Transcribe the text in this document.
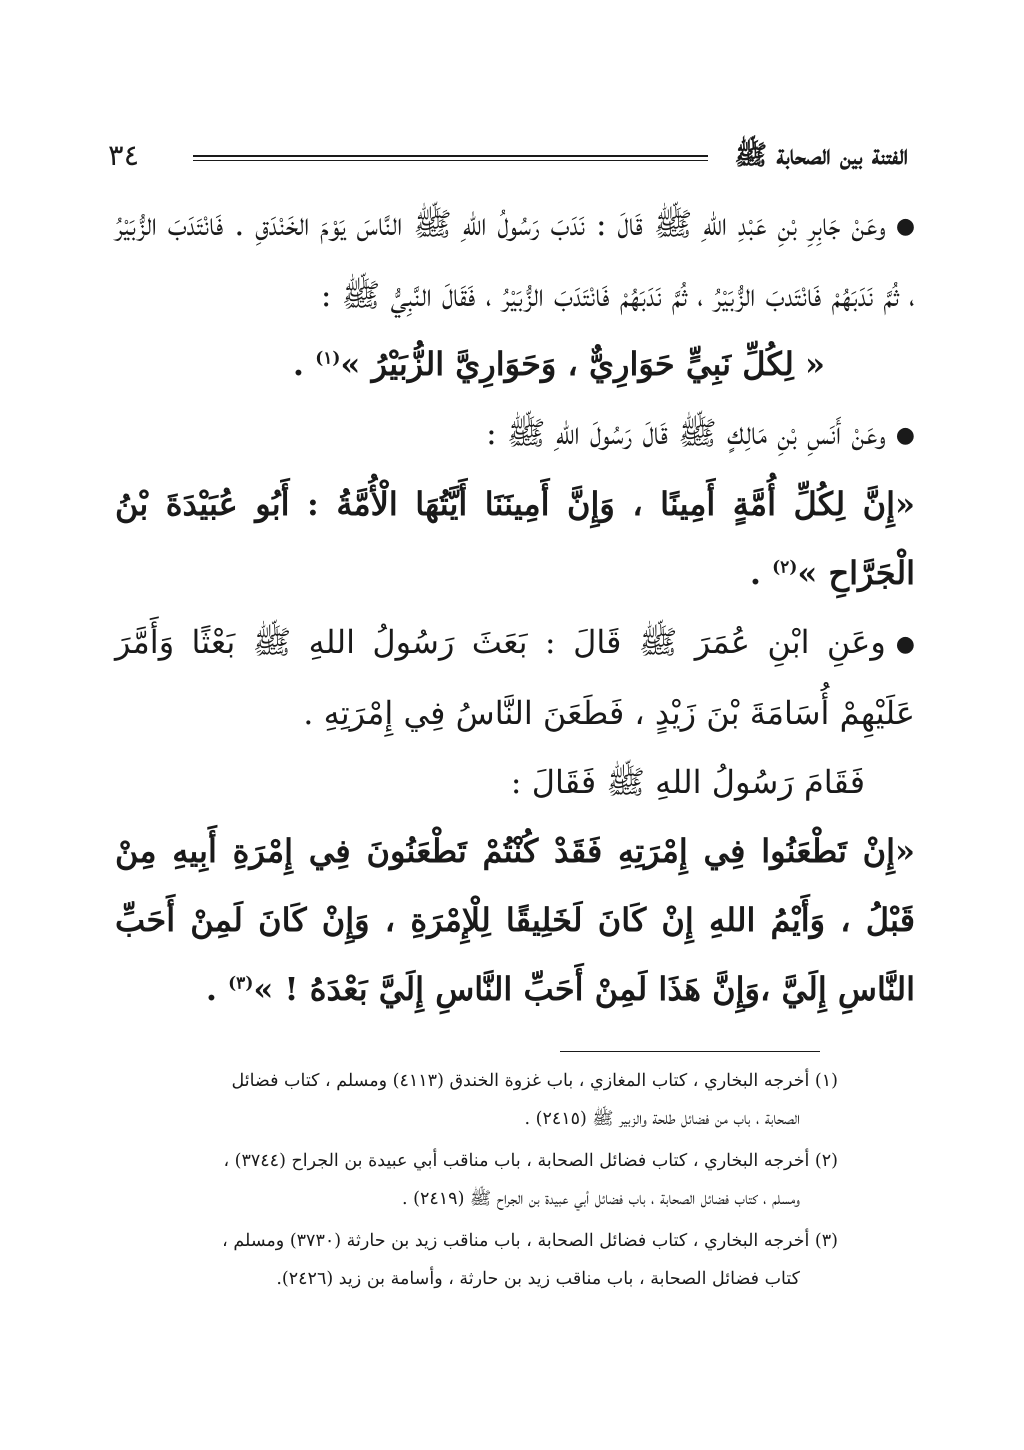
الفتنة بين الصحابة ﷺ
٣٤

●وعَنْ جَابِرِ بْنِ عَبْدِ اللهِ ﷺ قَالَ : نَدَبَ رَسُولُ اللهِ ﷺ النَّاسَ يَوْمَ الخَنْدَقِ . فَانْتَدَبَ الزُّبَيْرُ ، ثُمَّ نَدَبَهُمْ فَانْتَدبَ الزُّبَيْرُ ، ثُمَّ نَدَبَهُمْ فَانْتَدَبَ الزُّبَيْرُ ، فَقَالَ النَّبِيُّ ﷺ :

« لِكُلِّ نَبِيٍّ حَوَارِيٌّ ، وَحَوَارِيَّ الزُّبَيْرُ »$^{(١)}$ .

●وعَنْ أَنَسِ بْنِ مَالِكٍ ﷺ قَالَ رَسُولَ اللهِ ﷺ :

«إِنَّ لِكُلِّ أُمَّةٍ أَمِينًا ، وَإِنَّ أَمِينَنَا أَيَّتُهَا الْأُمَّةُ : أَبُو عُبَيْدَةَ بْنُ الْجَرَّاحِ »$^{(٢)}$ .

●وعَنِ ابْنِ عُمَرَ ﷺ قَالَ : بَعَثَ رَسُولُ اللهِ ﷺ بَعْثًا وَأَمَّرَ عَلَيْهِمْ أُسَامَةَ بْنَ زَيْدٍ ، فَطَعَنَ النَّاسُ فِي إِمْرَتِهِ .

فَقَامَ رَسُولُ اللهِ ﷺ فَقَالَ :

«إِنْ تَطْعَنُوا فِي إِمْرَتِهِ فَقَدْ كُنْتُمْ تَطْعَنُونَ فِي إِمْرَةِ أَبِيهِ مِنْ قَبْلُ ، وَأَيْمُ اللهِ إِنْ كَانَ لَخَلِيقًا لِلْإِمْرَةِ ، وَإِنْ كَانَ لَمِنْ أَحَبِّ النَّاسِ إِلَيَّ ،وَإِنَّ هَذَا لَمِنْ أَحَبِّ النَّاسِ إِلَيَّ بَعْدَهُ ! »$^{(٣)}$ .

(١) أخرجه البخاري ، كتاب المغازي ، باب غزوة الخندق (٤١١٣) ومسلم ، كتاب فضائل
الصحابة ، باب من فضائل طلحة والزبير ﷺ (٢٤١٥) .

(٢) أخرجه البخاري ، كتاب فضائل الصحابة ، باب مناقب أبي عبيدة بن الجراح (٣٧٤٤) ،
ومسلم ، كتاب فضائل الصحابة ، باب فضائل أبي عبيدة بن الجراح ﷺ (٢٤١٩) .

(٣) أخرجه البخاري ، كتاب فضائل الصحابة ، باب مناقب زيد بن حارثة (٣٧٣٠) ومسلم ،
كتاب فضائل الصحابة ، باب مناقب زيد بن حارثة ، وأسامة بن زيد (٢٤٢٦).
